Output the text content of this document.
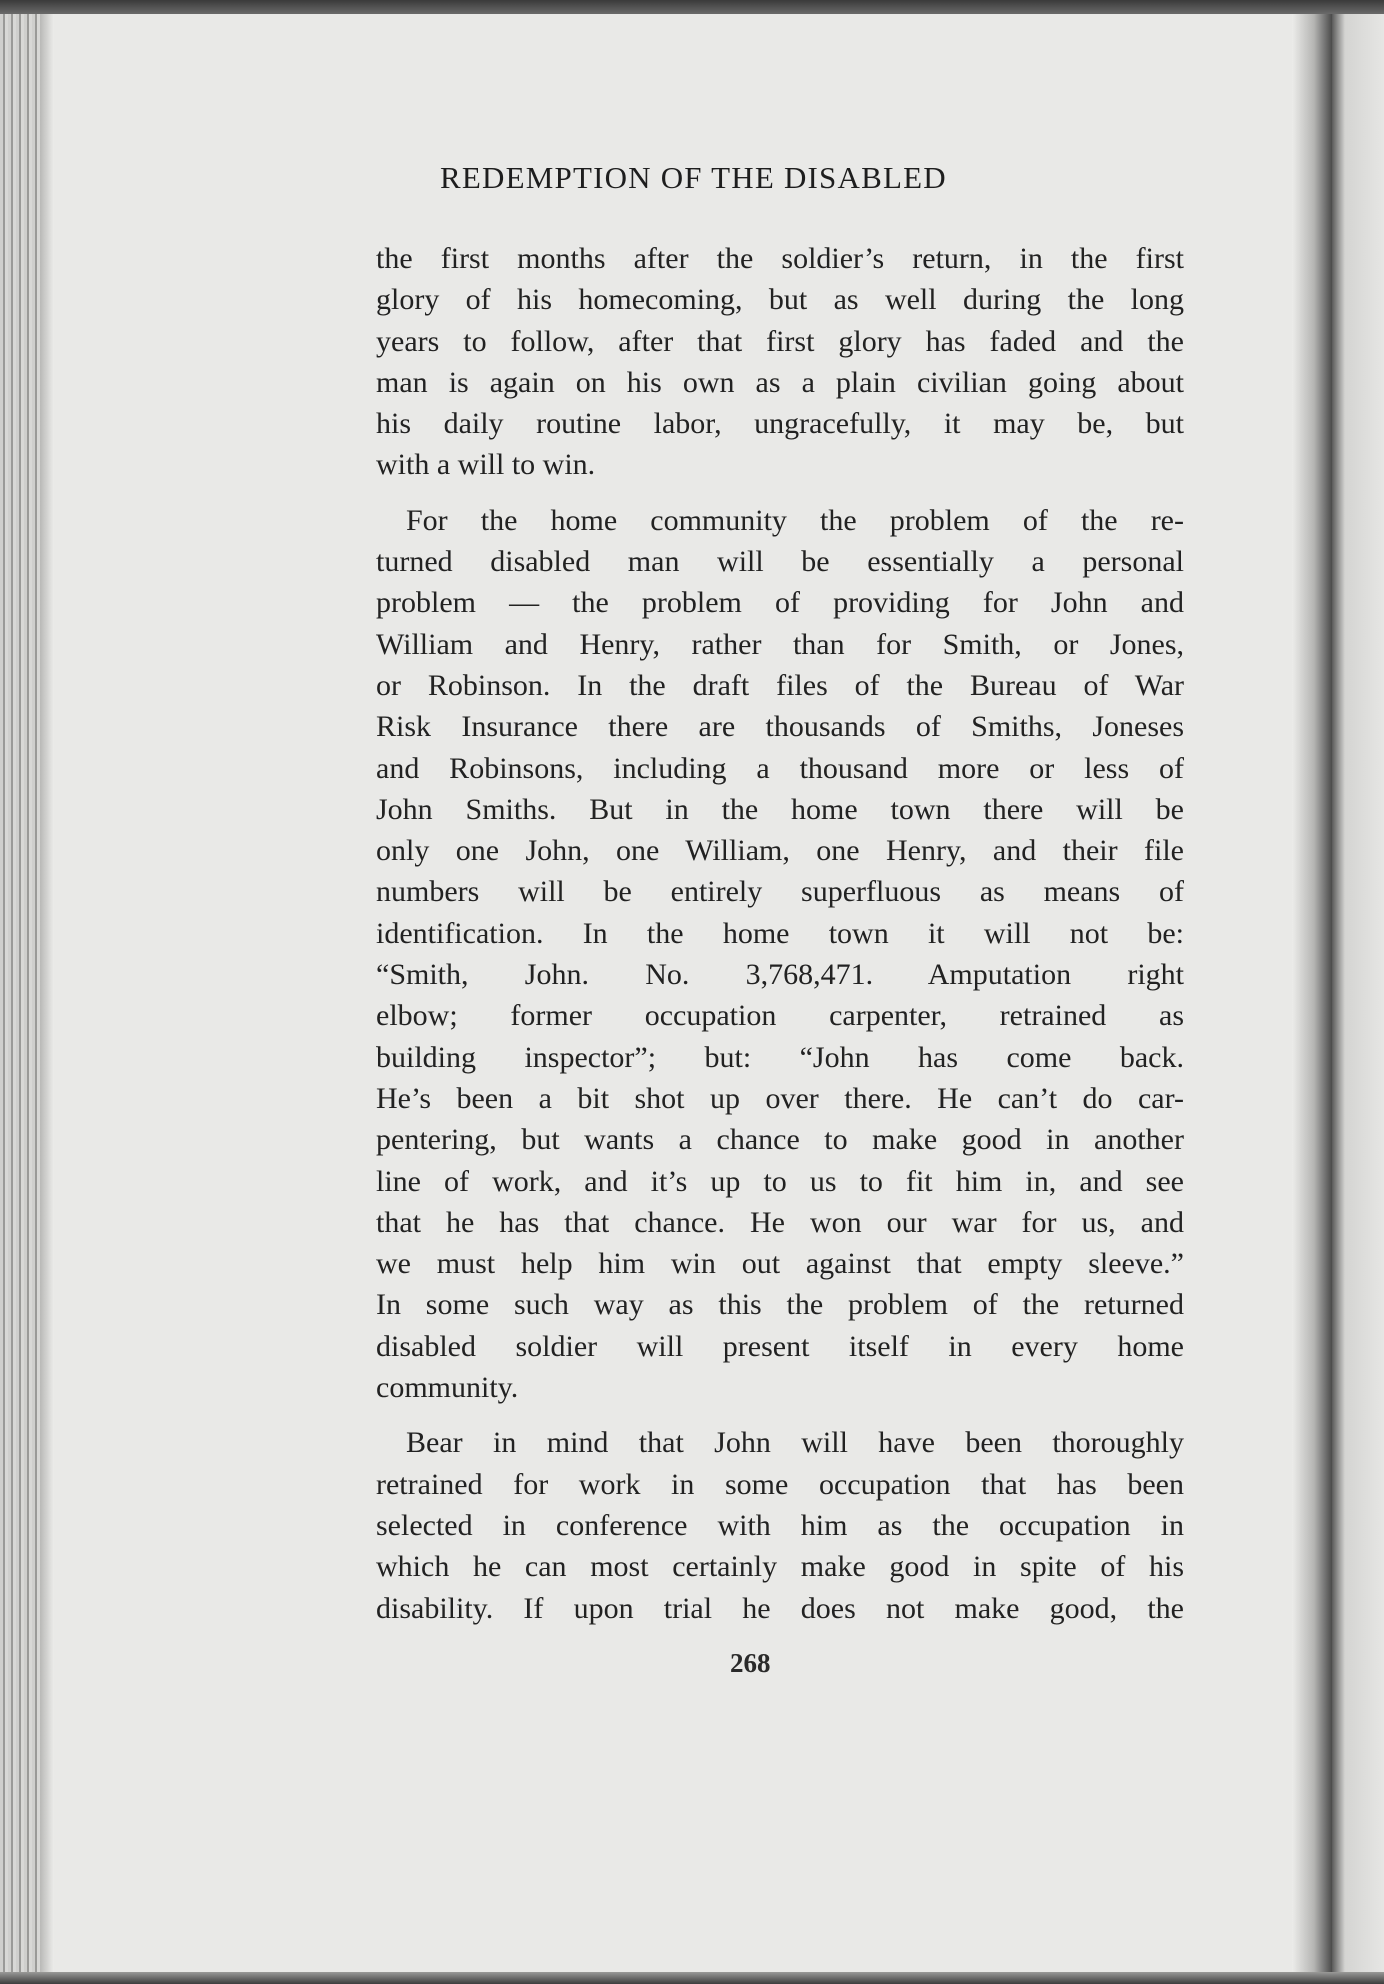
REDEMPTION OF THE DISABLED

the first months after the soldier’s return, in the first
glory of his homecoming, but as well during the long
years to follow, after that first glory has faded and the
man is again on his own as a plain civilian going about
his daily routine labor, ungracefully, it may be, but
with a will to win.

For the home community the problem of the re-
turned disabled man will be essentially a personal
problem — the problem of providing for John and
William and Henry, rather than for Smith, or Jones,
or Robinson. In the draft files of the Bureau of War
Risk Insurance there are thousands of Smiths, Joneses
and Robinsons, including a thousand more or less of
John Smiths. But in the home town there will be
only one John, one William, one Henry, and their file
numbers will be entirely superfluous as means of
identification. In the home town it will not be:
“Smith, John. No. 3,768,471. Amputation right
elbow; former occupation carpenter, retrained as
building inspector”; but: “John has come back.
He’s been a bit shot up over there. He can’t do car-
pentering, but wants a chance to make good in another
line of work, and it’s up to us to fit him in, and see
that he has that chance. He won our war for us, and
we must help him win out against that empty sleeve.”
In some such way as this the problem of the returned
disabled soldier will present itself in every home
community.

Bear in mind that John will have been thoroughly
retrained for work in some occupation that has been
selected in conference with him as the occupation in
which he can most certainly make good in spite of his
disability. If upon trial he does not make good, the

268
